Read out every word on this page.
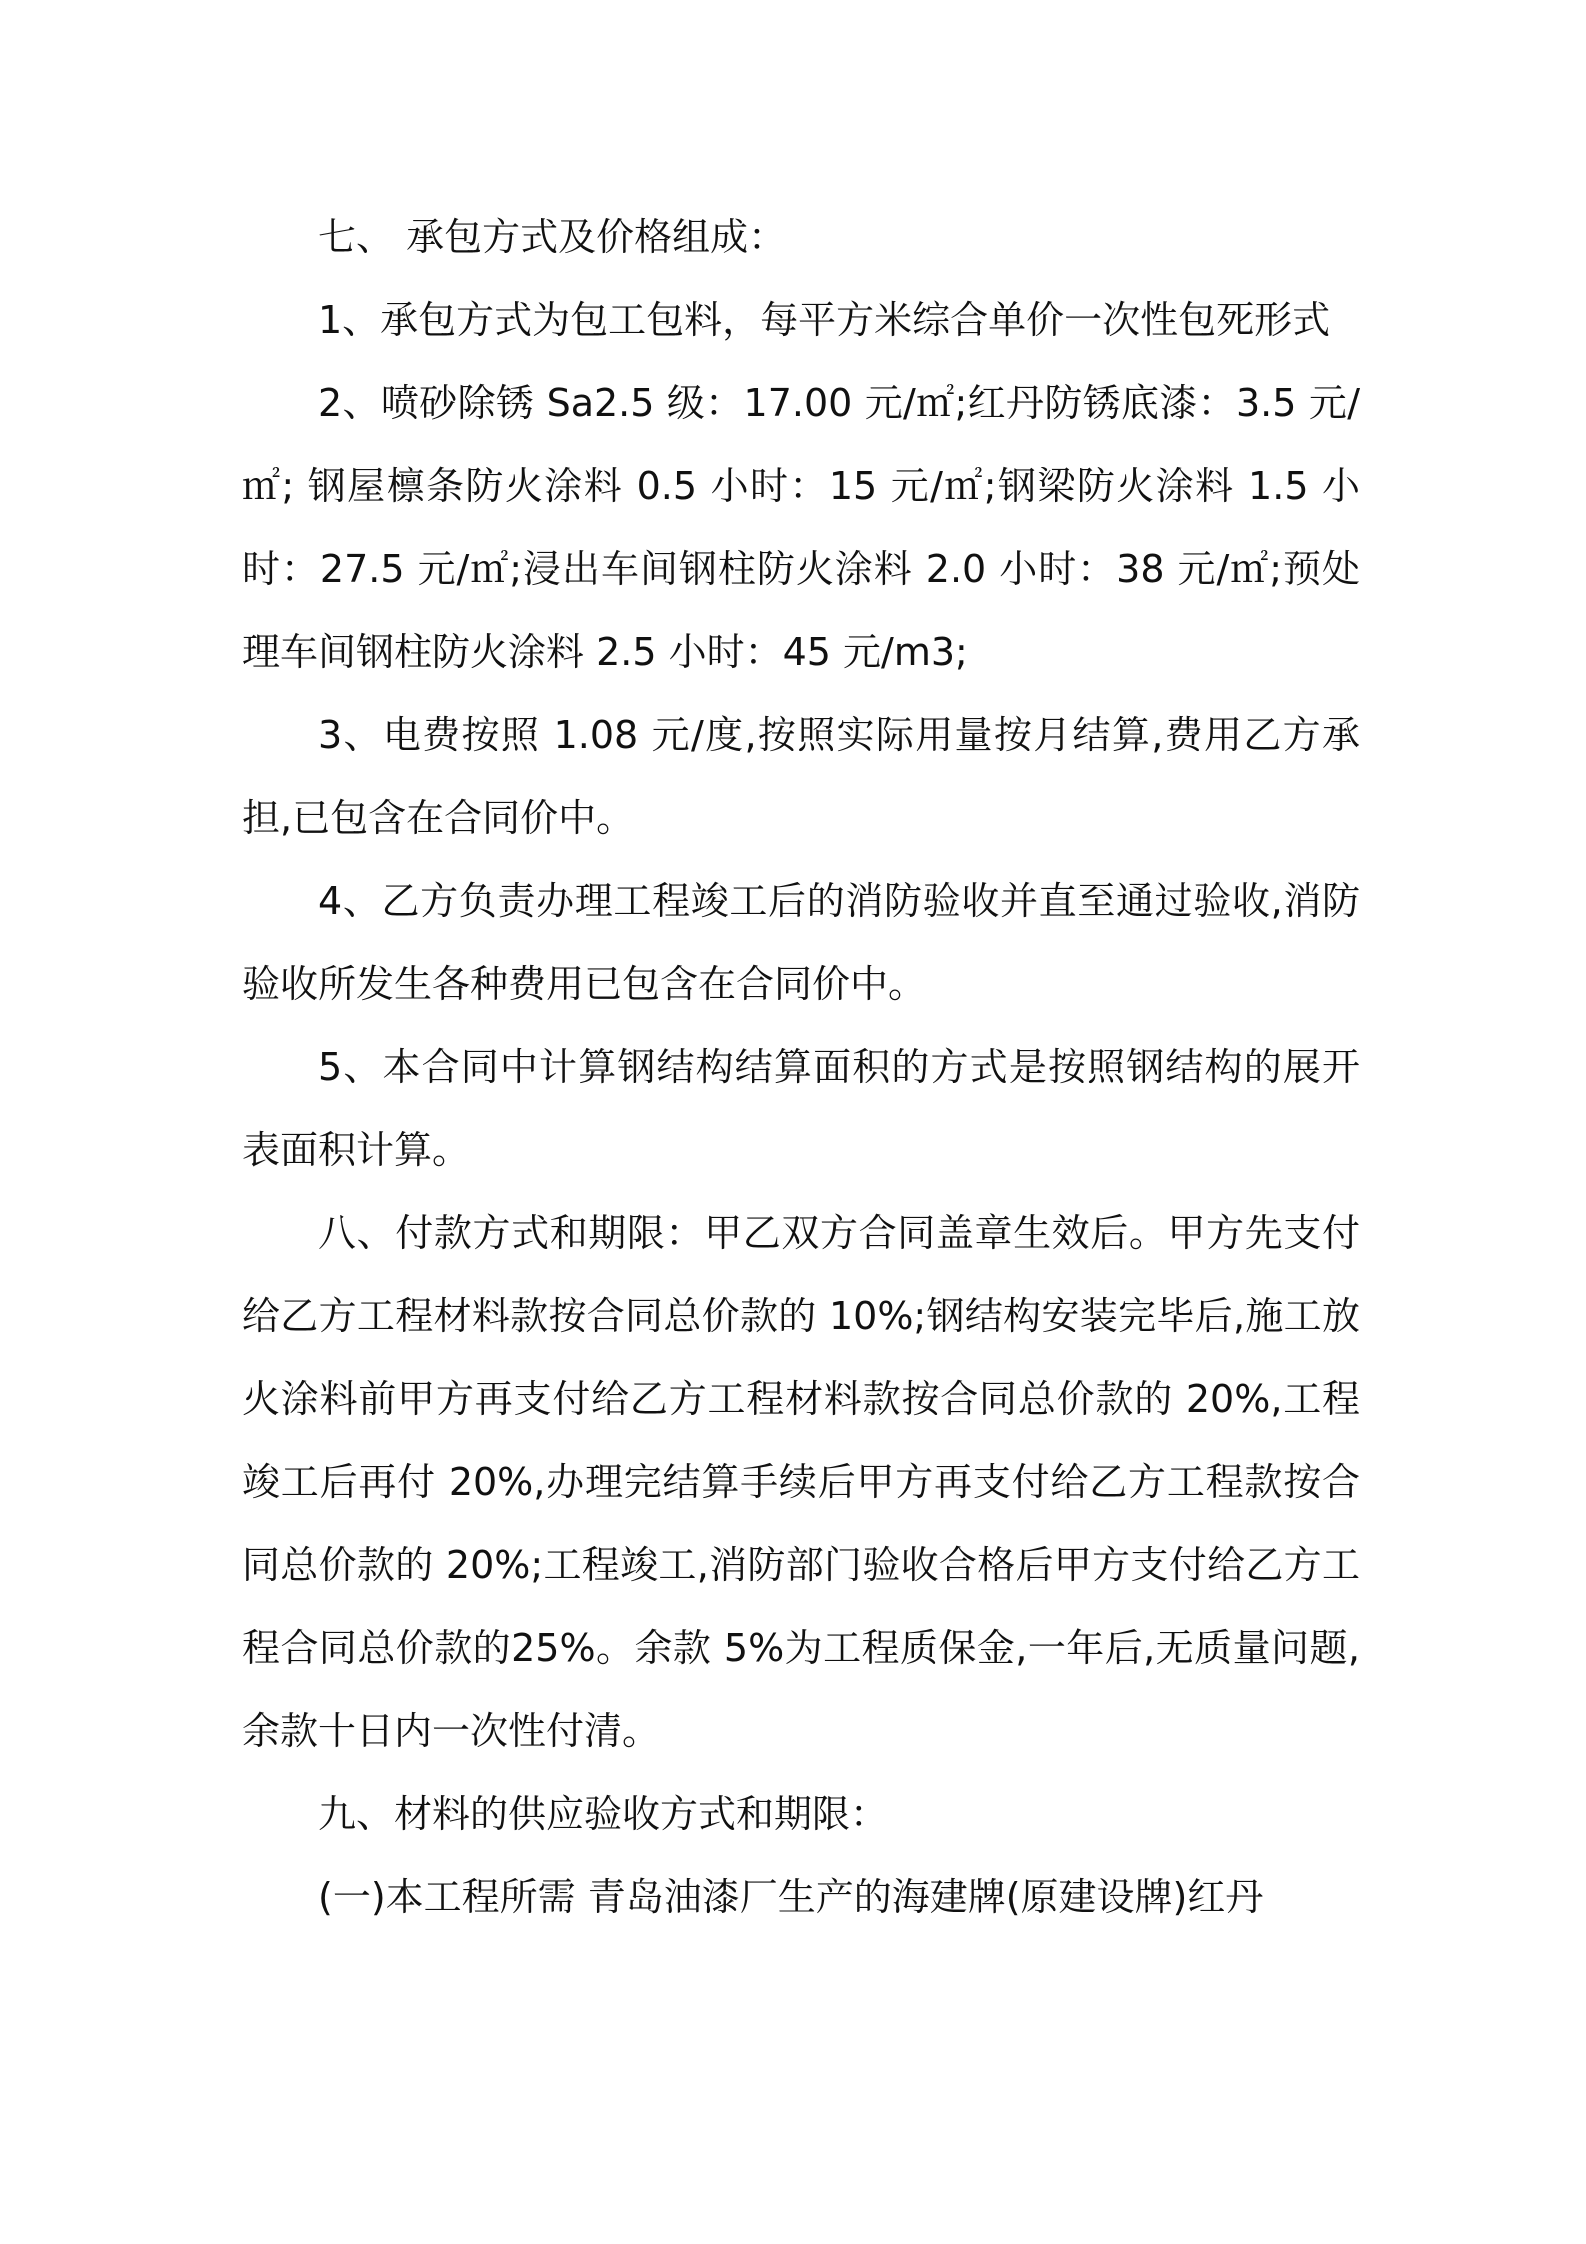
七、 承包方式及价格组成：

1、承包方式为包工包料，每平方米综合单价一次性包死形式

2、喷砂除锈 Sa2.5 级：17.00 元/㎡;红丹防锈底漆：3.5 元/㎡; 钢屋檩条防火涂料 0.5 小时：15 元/㎡;钢梁防火涂料 1.5 小时：27.5 元/㎡;浸出车间钢柱防火涂料 2.0 小时：38 元/㎡;预处理车间钢柱防火涂料 2.5 小时：45 元/m3;

3、电费按照 1.08 元/度,按照实际用量按月结算,费用乙方承担,已包含在合同价中。

4、乙方负责办理工程竣工后的消防验收并直至通过验收,消防验收所发生各种费用已包含在合同价中。

5、本合同中计算钢结构结算面积的方式是按照钢结构的展开表面积计算。

八、付款方式和期限：甲乙双方合同盖章生效后。甲方先支付给乙方工程材料款按合同总价款的 10%;钢结构安装完毕后,施工放火涂料前甲方再支付给乙方工程材料款按合同总价款的 20%,工程竣工后再付 20%,办理完结算手续后甲方再支付给乙方工程款按合同总价款的 20%;工程竣工,消防部门验收合格后甲方支付给乙方工程合同总价款的25%。余款 5%为工程质保金,一年后,无质量问题,余款十日内一次性付清。

九、材料的供应验收方式和期限：

(一)本工程所需 青岛油漆厂生产的海建牌(原建设牌)红丹
